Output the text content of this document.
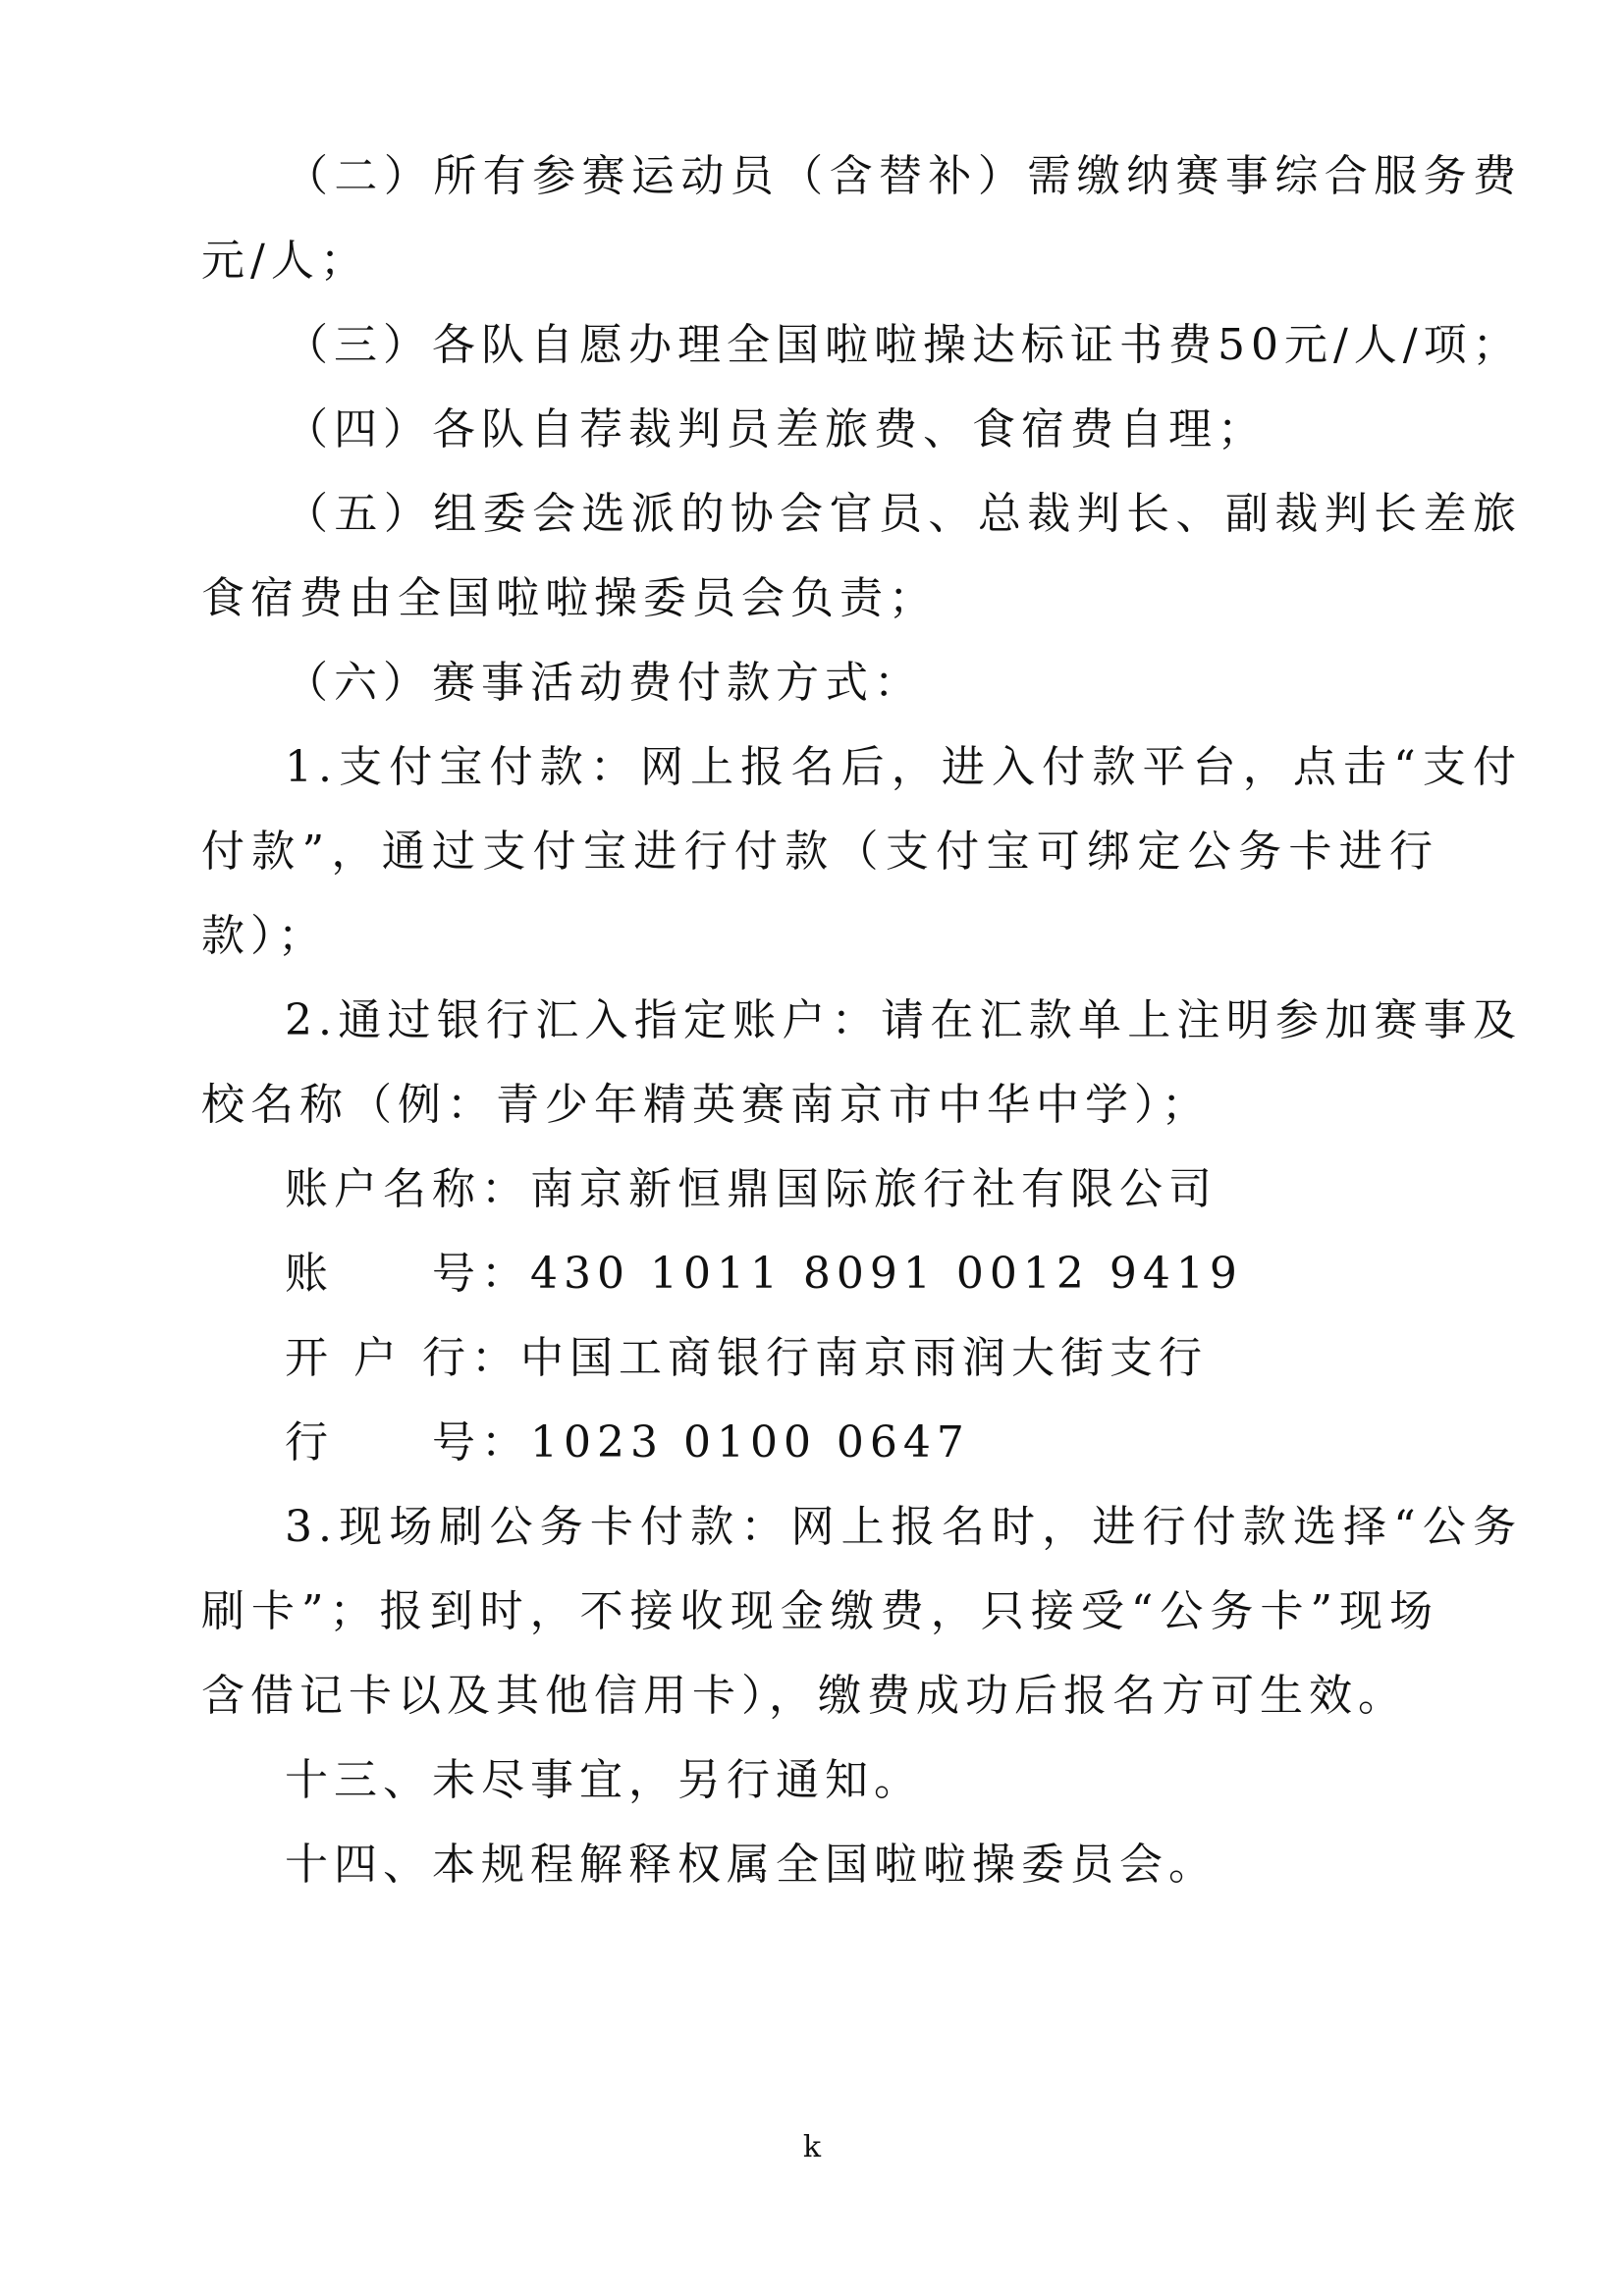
（二）所有参赛运动员（含替补）需缴纳赛事综合服务费
元/人；
（三）各队自愿办理全国啦啦操达标证书费50元/人/项；
（四）各队自荐裁判员差旅费、食宿费自理；
（五）组委会选派的协会官员、总裁判长、副裁判长差旅
食宿费由全国啦啦操委员会负责；
（六）赛事活动费付款方式：
1.支付宝付款：网上报名后，进入付款平台，点击“支付
付款”，通过支付宝进行付款（支付宝可绑定公务卡进行
款）；
2.通过银行汇入指定账户：请在汇款单上注明参加赛事及
校名称（例：青少年精英赛南京市中华中学）；
账户名称：南京新恒鼎国际旅行社有限公司
账　　号：430 1011 8091 0012 9419
开 户 行：中国工商银行南京雨润大街支行
行　　号：1023 0100 0647
3.现场刷公务卡付款：网上报名时，进行付款选择“公务
刷卡”；报到时，不接收现金缴费，只接受“公务卡”现场
含借记卡以及其他信用卡），缴费成功后报名方可生效。
十三、未尽事宜，另行通知。
十四、本规程解释权属全国啦啦操委员会。
k
